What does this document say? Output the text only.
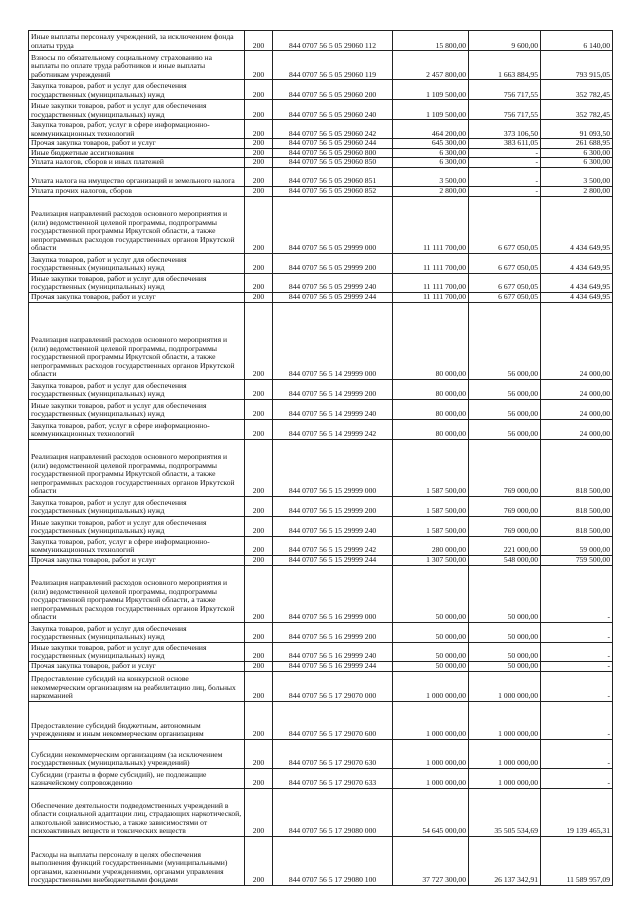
Иные выплаты персоналу учреждений, за исключением фонда оплаты труда	200	844 0707 56 5 05 29060 112	15 800,00	9 600,00	6 140,00
Взносы по обязательному социальному страхованию на выплаты по оплате труда работников и иные выплаты работникам учреждений	200	844 0707 56 5 05 29060 119	2 457 800,00	1 663 884,95	793 915,05
Закупка товаров, работ и услуг для обеспечения государственных (муниципальных) нужд	200	844 0707 56 5 05 29060 200	1 109 500,00	756 717,55	352 782,45
Иные закупки товаров, работ и услуг для обеспечения государственных (муниципальных) нужд	200	844 0707 56 5 05 29060 240	1 109 500,00	756 717,55	352 782,45
Закупка товаров, работ, услуг в сфере информационно-коммуникационных технологий	200	844 0707 56 5 05 29060 242	464 200,00	373 106,50	91 093,50
Прочая закупка товаров, работ и услуг	200	844 0707 56 5 05 29060 244	645 300,00	383 611,05	261 688,95
Иные бюджетные ассигнования	200	844 0707 56 5 05 29060 800	6 300,00	-	6 300,00
Уплата налогов, сборов и иных платежей	200	844 0707 56 5 05 29060 850	6 300,00	-	6 300,00
Уплата налога на имущество организаций и земельного налога	200	844 0707 56 5 05 29060 851	3 500,00	-	3 500,00
Уплата прочих налогов, сборов	200	844 0707 56 5 05 29060 852	2 800,00	-	2 800,00
Реализация направлений расходов основного мероприятия и (или) ведомственной целевой программы, подпрограммы государственной программы Иркутской области, а также непрограммных расходов государственных органов Иркутской области	200	844 0707 56 5 05 29999 000	11 111 700,00	6 677 050,05	4 434 649,95
Закупка товаров, работ и услуг для обеспечения государственных (муниципальных) нужд	200	844 0707 56 5 05 29999 200	11 111 700,00	6 677 050,05	4 434 649,95
Иные закупки товаров, работ и услуг для обеспечения государственных (муниципальных) нужд	200	844 0707 56 5 05 29999 240	11 111 700,00	6 677 050,05	4 434 649,95
Прочая закупка товаров, работ и услуг	200	844 0707 56 5 05 29999 244	11 111 700,00	6 677 050,05	4 434 649,95
Реализация направлений расходов основного мероприятия и (или) ведомственной целевой программы, подпрограммы государственной программы Иркутской области, а также непрограммных расходов государственных органов Иркутской области	200	844 0707 56 5 14 29999 000	80 000,00	56 000,00	24 000,00
Закупка товаров, работ и услуг для обеспечения государственных (муниципальных) нужд	200	844 0707 56 5 14 29999 200	80 000,00	56 000,00	24 000,00
Иные закупки товаров, работ и услуг для обеспечения государственных (муниципальных) нужд	200	844 0707 56 5 14 29999 240	80 000,00	56 000,00	24 000,00
Закупка товаров, работ, услуг в сфере информационно-коммуникационных технологий	200	844 0707 56 5 14 29999 242	80 000,00	56 000,00	24 000,00
Реализация направлений расходов основного мероприятия и (или) ведомственной целевой программы, подпрограммы государственной программы Иркутской области, а также непрограммных расходов государственных органов Иркутской области	200	844 0707 56 5 15 29999 000	1 587 500,00	769 000,00	818 500,00
Закупка товаров, работ и услуг для обеспечения государственных (муниципальных) нужд	200	844 0707 56 5 15 29999 200	1 587 500,00	769 000,00	818 500,00
Иные закупки товаров, работ и услуг для обеспечения государственных (муниципальных) нужд	200	844 0707 56 5 15 29999 240	1 587 500,00	769 000,00	818 500,00
Закупка товаров, работ, услуг в сфере информационно-коммуникационных технологий	200	844 0707 56 5 15 29999 242	280 000,00	221 000,00	59 000,00
Прочая закупка товаров, работ и услуг	200	844 0707 56 5 15 29999 244	1 307 500,00	548 000,00	759 500,00
Реализация направлений расходов основного мероприятия и (или) ведомственной целевой программы, подпрограммы государственной программы Иркутской области, а также непрограммных расходов государственных органов Иркутской области	200	844 0707 56 5 16 29999 000	50 000,00	50 000,00	-
Закупка товаров, работ и услуг для обеспечения государственных (муниципальных) нужд	200	844 0707 56 5 16 29999 200	50 000,00	50 000,00	-
Иные закупки товаров, работ и услуг для обеспечения государственных (муниципальных) нужд	200	844 0707 56 5 16 29999 240	50 000,00	50 000,00	-
Прочая закупка товаров, работ и услуг	200	844 0707 56 5 16 29999 244	50 000,00	50 000,00	-
Предоставление субсидий на конкурсной основе некоммерческим организациям на реабилитацию лиц, больных наркоманией	200	844 0707 56 5 17 29070 000	1 000 000,00	1 000 000,00	-
Предоставление субсидий бюджетным, автономным учреждениям и иным некоммерческим организациям	200	844 0707 56 5 17 29070 600	1 000 000,00	1 000 000,00	-
Субсидии некоммерческим организациям (за исключением государственных (муниципальных) учреждений)	200	844 0707 56 5 17 29070 630	1 000 000,00	1 000 000,00	-
Субсидии (гранты в форме субсидий), не подлежащие казначейскому сопровождению	200	844 0707 56 5 17 29070 633	1 000 000,00	1 000 000,00	-
Обеспечение деятельности подведомственных учреждений в области социальной адаптации лиц, страдающих наркотической, алкогольной зависимостью, а также зависимостями от психоактивных веществ и токсических веществ	200	844 0707 56 5 17 29080 000	54 645 000,00	35 505 534,69	19 139 465,31
Расходы на выплаты персоналу в целях обеспечения выполнения функций государственными (муниципальными) органами, казенными учреждениями, органами управления государственными внебюджетными фондами	200	844 0707 56 5 17 29080 100	37 727 300,00	26 137 342,91	11 589 957,09
